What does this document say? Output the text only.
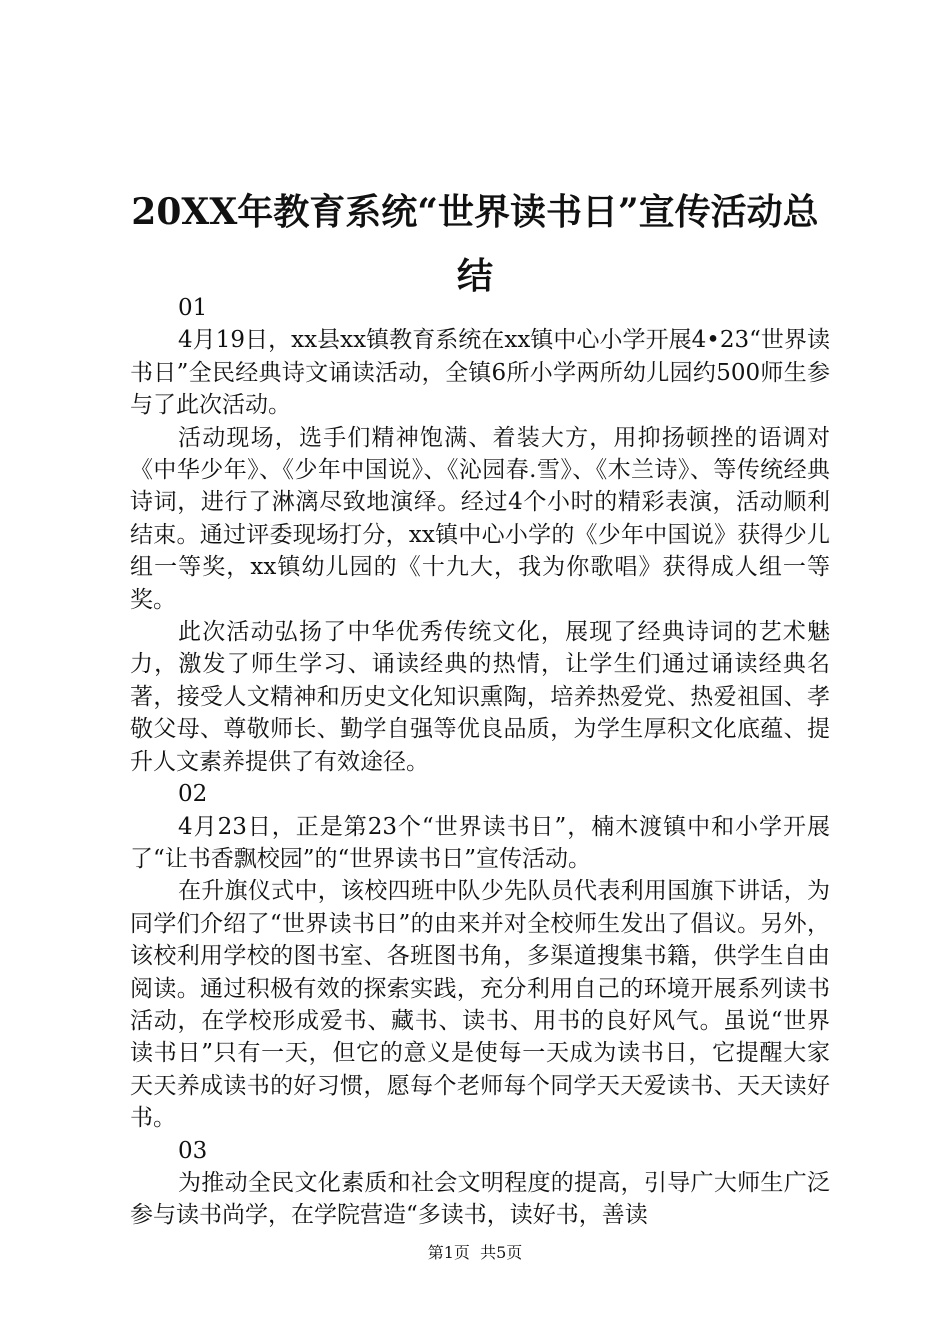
20XX年教育系统“世界读书日”宣传活动总
结

01

4月19日，xx县xx镇教育系统在xx镇中心小学开展4•23“世界读书日”全民经典诗文诵读活动，全镇6所小学两所幼儿园约500师生参与了此次活动。

活动现场，选手们精神饱满、着装大方，用抑扬顿挫的语调对《中华少年》、《少年中国说》、《沁园春.雪》、《木兰诗》、等传统经典诗词，进行了淋漓尽致地演绎。经过4个小时的精彩表演，活动顺利结束。通过评委现场打分，xx镇中心小学的《少年中国说》获得少儿组一等奖，xx镇幼儿园的《十九大，我为你歌唱》获得成人组一等奖。

此次活动弘扬了中华优秀传统文化，展现了经典诗词的艺术魅力，激发了师生学习、诵读经典的热情，让学生们通过诵读经典名著，接受人文精神和历史文化知识熏陶，培养热爱党、热爱祖国、孝敬父母、尊敬师长、勤学自强等优良品质，为学生厚积文化底蕴、提升人文素养提供了有效途径。

02

4月23日，正是第23个“世界读书日”，楠木渡镇中和小学开展了“让书香飘校园”的“世界读书日”宣传活动。

在升旗仪式中，该校四班中队少先队员代表利用国旗下讲话，为同学们介绍了“世界读书日”的由来并对全校师生发出了倡议。另外，该校利用学校的图书室、各班图书角，多渠道搜集书籍，供学生自由阅读。通过积极有效的探索实践，充分利用自己的环境开展系列读书活动，在学校形成爱书、藏书、读书、用书的良好风气。虽说“世界读书日”只有一天，但它的意义是使每一天成为读书日，它提醒大家天天养成读书的好习惯，愿每个老师每个同学天天爱读书、天天读好书。

03

为推动全民文化素质和社会文明程度的提高，引导广大师生广泛参与读书尚学，在学院营造“多读书，读好书，善读

第1页  共5页
